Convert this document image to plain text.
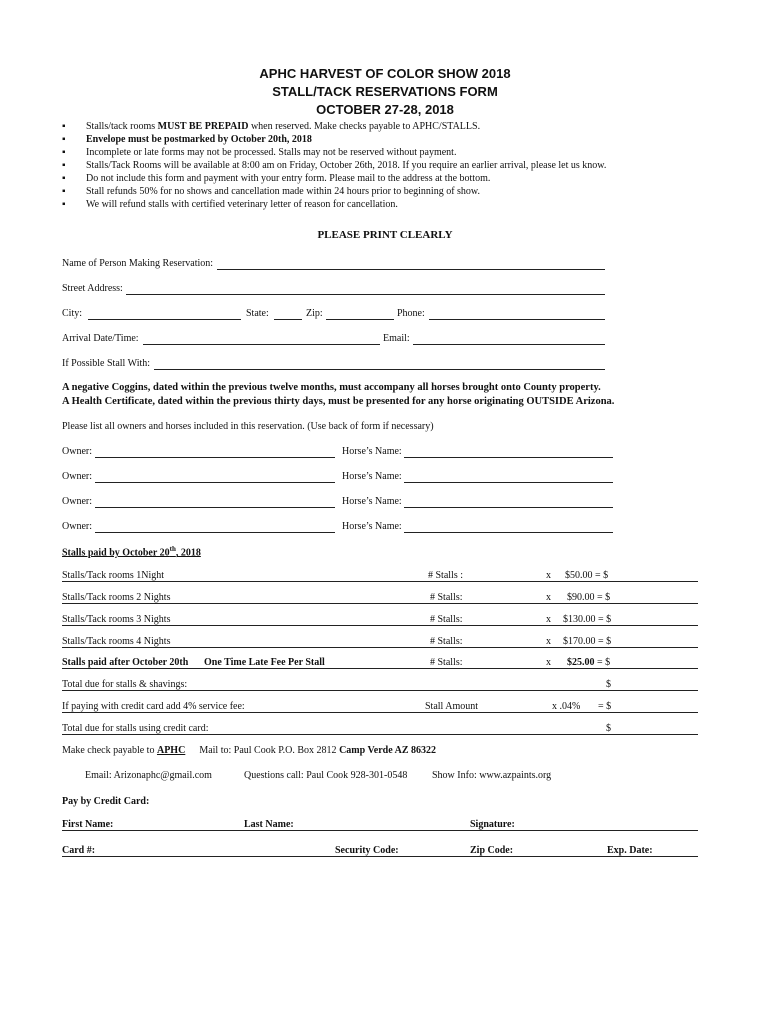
APHC HARVEST OF COLOR SHOW 2018
STALL/TACK RESERVATIONS FORM
OCTOBER 27-28, 2018
▪ Stalls/tack rooms MUST BE PREPAID when reserved. Make checks payable to APHC/STALLS.
▪ Envelope must be postmarked by October 20th, 2018
▪ Incomplete or late forms may not be processed. Stalls may not be reserved without payment.
▪ Stalls/Tack Rooms will be available at 8:00 am on Friday, October 26th, 2018. If you require an earlier arrival, please let us know.
▪ Do not include this form and payment with your entry form. Please mail to the address at the bottom.
▪ Stall refunds 50% for no shows and cancellation made within 24 hours prior to beginning of show.
▪ We will refund stalls with certified veterinary letter of reason for cancellation.
PLEASE PRINT CLEARLY
Name of Person Making Reservation:
Street Address:
City:	State:	Zip:	Phone:
Arrival Date/Time:	Email:
If Possible Stall With:
A negative Coggins, dated within the previous twelve months, must accompany all horses brought onto County property.
A Health Certificate, dated within the previous thirty days, must be presented for any horse originating OUTSIDE Arizona.
Please list all owners and horses included in this reservation. (Use back of form if necessary)
Owner:	Horse’s Name:
Owner:	Horse’s Name:
Owner:	Horse’s Name:
Owner:	Horse’s Name:
Stalls paid by October 20th, 2018
Stalls/Tack rooms 1Night	# Stalls :	x $50.00 = $
Stalls/Tack rooms 2 Nights	# Stalls:	x $90.00 = $
Stalls/Tack rooms 3 Nights	# Stalls:	x $130.00 = $
Stalls/Tack rooms 4 Nights	# Stalls:	x $170.00 = $
Stalls paid after October 20th One Time Late Fee Per Stall	# Stalls:	x $25.00 = $
Total due for stalls & shavings:	$
If paying with credit card add 4% service fee:	Stall Amount	x .04% = $
Total due for stalls using credit card:	$
Make check payable to APHC Mail to: Paul Cook P.O. Box 2812 Camp Verde AZ 86322
Email: Arizonaphc@gmail.com	Questions call: Paul Cook 928-301-0548 Show Info: www.azpaints.org
Pay by Credit Card:
First Name:	Last Name:	Signature:
Card #:	Security Code:	Zip Code:	Exp. Date:
